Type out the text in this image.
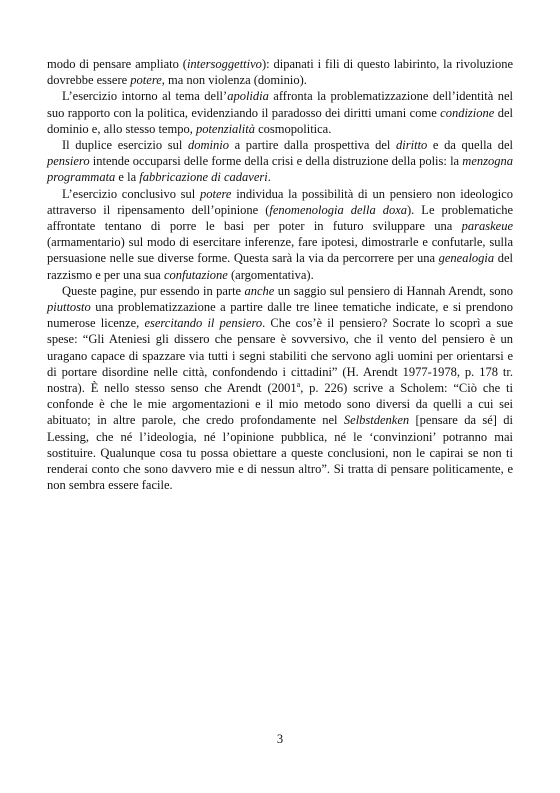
modo di pensare ampliato (intersoggettivo): dipanati i fili di questo labirinto, la rivoluzione dovrebbe essere potere, ma non violenza (dominio).

L’esercizio intorno al tema dell’apolidia affronta la problematizzazione dell’identità nel suo rapporto con la politica, evidenziando il paradosso dei diritti umani come condizione del dominio e, allo stesso tempo, potenzialità cosmopolitica.

Il duplice esercizio sul dominio a partire dalla prospettiva del diritto e da quella del pensiero intende occuparsi delle forme della crisi e della distruzione della polis: la menzogna programmata e la fabbricazione di cadaveri.

L’esercizio conclusivo sul potere individua la possibilità di un pensiero non ideologico attraverso il ripensamento dell’opinione (fenomenologia della doxa). Le problematiche affrontate tentano di porre le basi per poter in futuro sviluppare una paraskeue (armamentario) sul modo di esercitare inferenze, fare ipotesi, dimostrarle e confutarle, sulla persuasione nelle sue diverse forme. Questa sarà la via da percorrere per una genealogia del razzismo e per una sua confutazione (argomentativa).

Queste pagine, pur essendo in parte anche un saggio sul pensiero di Hannah Arendt, sono piuttosto una problematizzazione a partire dalle tre linee tematiche indicate, e si prendono numerose licenze, esercitando il pensiero. Che cos’è il pensiero? Socrate lo scoprì a sue spese: “Gli Ateniesi gli dissero che pensare è sovversivo, che il vento del pensiero è un uragano capace di spazzare via tutti i segni stabiliti che servono agli uomini per orientarsi e di portare disordine nelle città, confondendo i cittadini” (H. Arendt 1977-1978, p. 178 tr. nostra). È nello stesso senso che Arendt (2001$^a$, p. 226) scrive a Scholem: “Ciò che ti confonde è che le mie argomentazioni e il mio metodo sono diversi da quelli a cui sei abituato; in altre parole, che credo profondamente nel Selbstdenken [pensare da sé] di Lessing, che né l’ideologia, né l’opinione pubblica, né le ‘convinzioni’ potranno mai sostituire. Qualunque cosa tu possa obiettare a queste conclusioni, non le capirai se non ti renderai conto che sono davvero mie e di nessun altro”. Si tratta di pensare politicamente, e non sembra essere facile.

3
